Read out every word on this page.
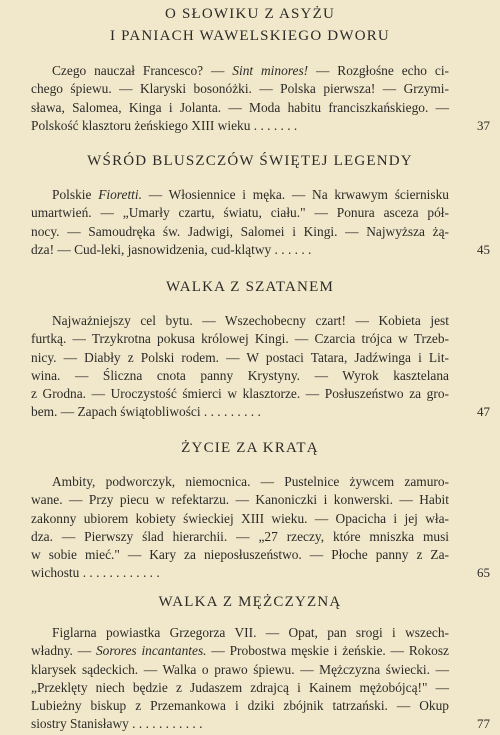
O SŁOWIKU Z ASYŻU
I PANIACH WAWELSKIEGO DWORU

Czego nauczał Francesco? — Sint minores! — Rozgłośne echo ci-
chego śpiewu. — Klaryski bosonóżki. — Polska pierwsza! — Grzymi-
sława, Salomea, Kinga i Jolanta. — Moda habitu franciszkańskiego. —
Polskość klasztoru żeńskiego XIII wieku . . . . . . .	37

WŚRÓD BLUSZCZÓW ŚWIĘTEJ LEGENDY

Polskie Fioretti. — Włosiennice i męka. — Na krwawym ściernisku
umartwień. — „Umarły czartu, światu, ciału." — Ponura asceza pół-
nocy. — Samoudręka św. Jadwigi, Salomei i Kingi. — Najwyższa żą-
dza! — Cud-leki, jasnowidzenia, cud-klątwy . . . . . .	45

WALKA Z SZATANEM

Najważniejszy cel bytu. — Wszechobecny czart! — Kobieta jest
furtką. — Trzykrotna pokusa królowej Kingi. — Czarcia trójca w Trzeb-
nicy. — Diabły z Polski rodem. — W postaci Tatara, Jadźwinga i Lit-
wina. — Śliczna cnota panny Krystyny. — Wyrok kasztelana
z Grodna. — Uroczystość śmierci w klasztorze. — Posłuszeństwo za gro-
bem. — Zapach świątobliwości . . . . . . . . .	47

ŻYCIE ZA KRATĄ

Ambity, podworczyk, niemocnica. — Pustelnice żywcem zamuro-
wane. — Przy piecu w refektarzu. — Kanoniczki i konwerski. — Habit
zakonny ubiorem kobiety świeckiej XIII wieku. — Opacicha i jej wła-
dza. — Pierwszy ślad hierarchii. — „27 rzeczy, które mniszka musi
w sobie mieć." — Kary za nieposłuszeństwo. — Płoche panny z Za-
wichostu . . . . . . . . . . . .	65

WALKA Z MĘŻCZYZNĄ

Figlarna powiastka Grzegorza VII. — Opat, pan srogi i wszech-
władny. — Sorores incantantes. — Probostwa męskie i żeńskie. — Rokosz
klarysek sądeckich. — Walka o prawo śpiewu. — Mężczyzna świecki. —
„Przeklęty niech będzie z Judaszem zdrajcą i Kainem mężobójcą!" —
Lubieżny biskup z Przemankowa i dziki zbójnik tatrzański. — Okup
siostry Stanisławy . . . . . . . . . . .	77
